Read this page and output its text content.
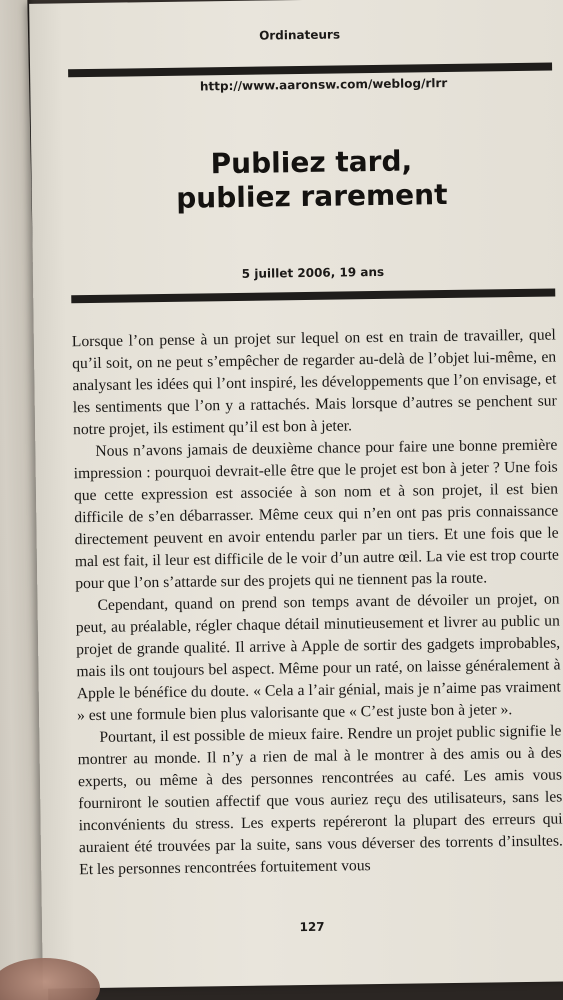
Ordinateurs
http://www.aaronsw.com/weblog/rlrr
Publiez tard,
publiez rarement
5 juillet 2006, 19 ans

Lorsque l’on pense à un projet sur lequel on est en train de travailler, quel qu’il soit, on ne peut s’empêcher de regarder au-delà de l’objet lui-même, en analysant les idées qui l’ont inspiré, les développements que l’on envisage, et les sentiments que l’on y a rattachés. Mais lorsque d’autres se penchent sur notre projet, ils estiment qu’il est bon à jeter.

Nous n’avons jamais de deuxième chance pour faire une bonne première impression : pourquoi devrait-elle être que le projet est bon à jeter ? Une fois que cette expression est associée à son nom et à son projet, il est bien difficile de s’en débarrasser. Même ceux qui n’en ont pas pris connaissance directement peuvent en avoir entendu parler par un tiers. Et une fois que le mal est fait, il leur est difficile de le voir d’un autre œil. La vie est trop courte pour que l’on s’attarde sur des projets qui ne tiennent pas la route.

Cependant, quand on prend son temps avant de dévoiler un projet, on peut, au préalable, régler chaque détail minutieusement et livrer au public un projet de grande qualité. Il arrive à Apple de sortir des gadgets improbables, mais ils ont toujours bel aspect. Même pour un raté, on laisse généralement à Apple le bénéfice du doute. « Cela a l’air génial, mais je n’aime pas vraiment » est une formule bien plus valorisante que « C’est juste bon à jeter ».

Pourtant, il est possible de mieux faire. Rendre un projet public signifie le montrer au monde. Il n’y a rien de mal à le montrer à des amis ou à des experts, ou même à des personnes rencontrées au café. Les amis vous fourniront le soutien affectif que vous auriez reçu des utilisateurs, sans les inconvénients du stress. Les experts repéreront la plupart des erreurs qui auraient été trouvées par la suite, sans vous déverser des torrents d’insultes. Et les personnes rencontrées fortuitement vous

127
